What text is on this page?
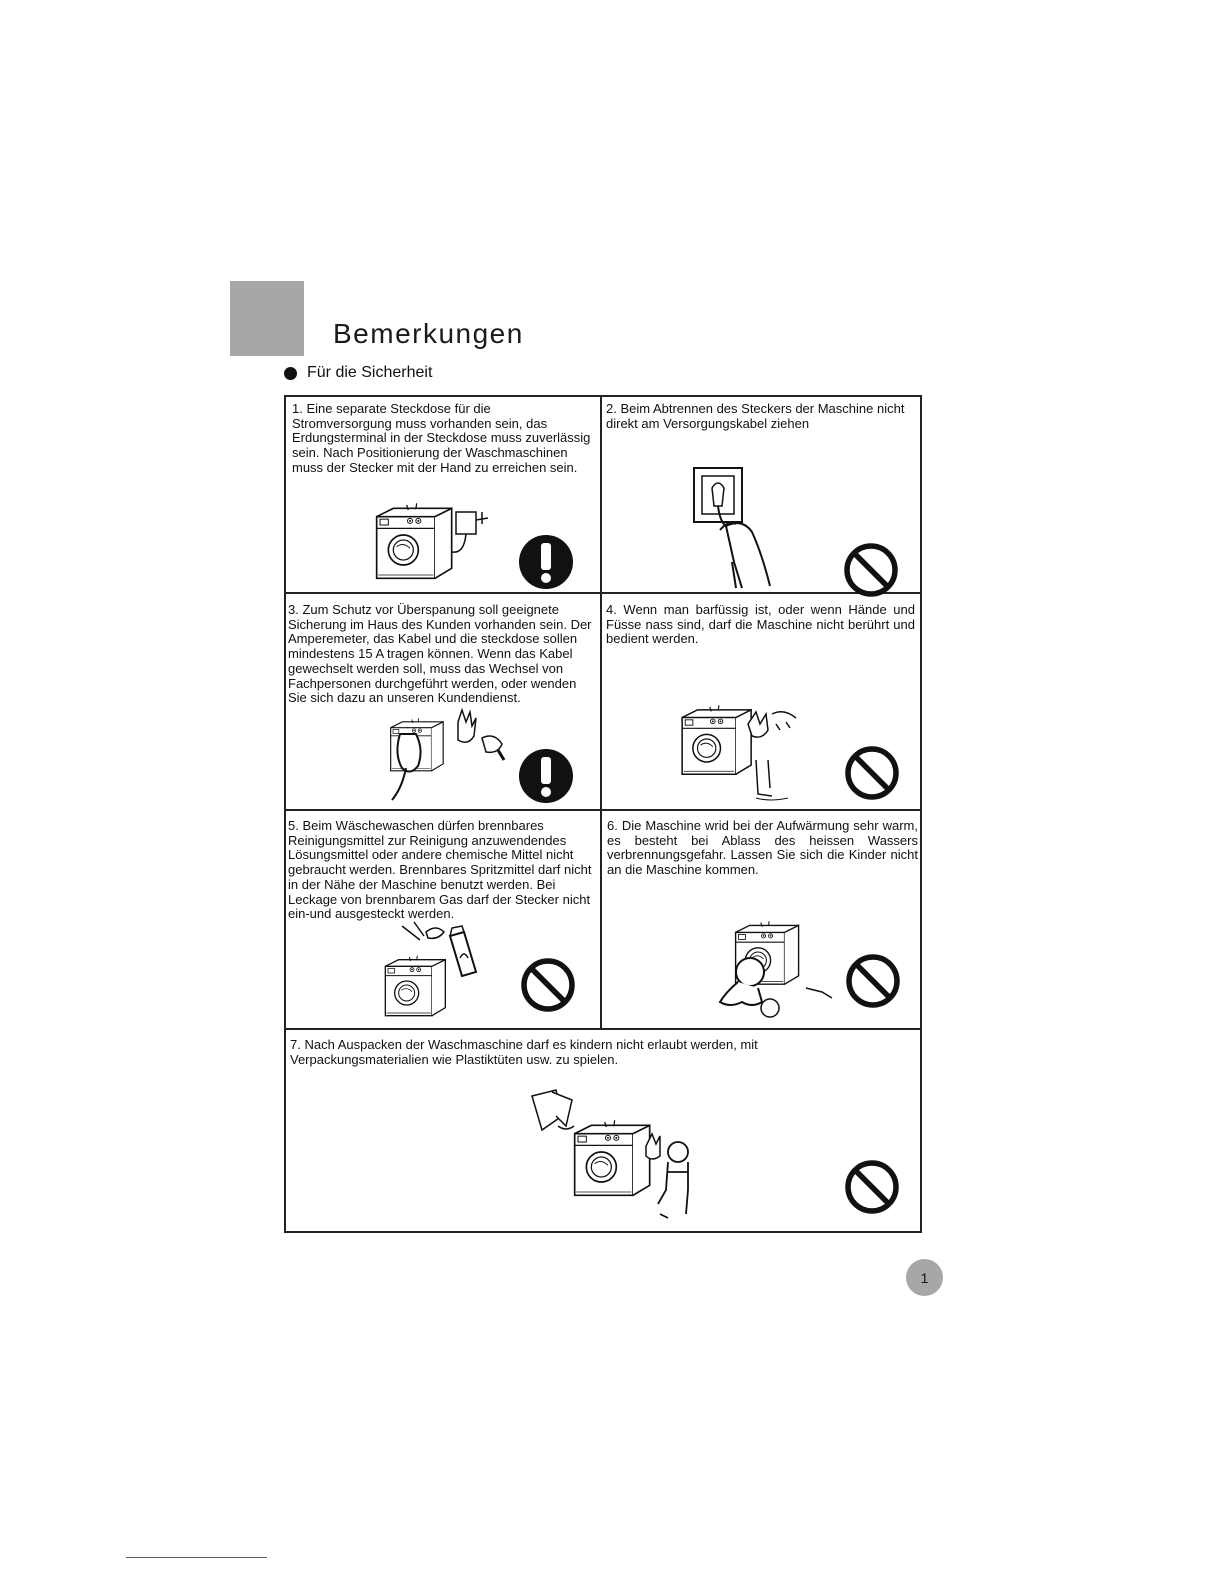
Bemerkungen
Für die Sicherheit
1. Eine separate Steckdose für die Stromversorgung muss vorhanden sein, das Erdungsterminal in der Steckdose muss zuverlässig sein. Nach Positionierung der Waschmaschinen muss der Stecker mit der Hand zu erreichen sein.
2. Beim Abtrennen des Steckers der Maschine nicht direkt am Versorgungskabel ziehen
3. Zum Schutz vor Überspanung soll geeignete Sicherung im Haus des Kunden vorhanden sein. Der Amperemeter, das Kabel und die steckdose sollen mindestens 15 A tragen können. Wenn das Kabel gewechselt werden soll, muss das Wechsel von Fachpersonen durchgeführt werden, oder wenden Sie sich dazu an unseren Kundendienst.
4. Wenn man barfüssig ist, oder wenn Hände und Füsse nass sind, darf die Maschine nicht berührt und bedient werden.
5. Beim Wäschewaschen dürfen brennbares Reinigungsmittel zur Reinigung anzuwendendes Lösungsmittel oder andere chemische Mittel nicht gebraucht werden. Brennbares Spritzmittel darf nicht in der Nähe der Maschine benutzt werden. Bei Leckage von brennbarem Gas darf der Stecker nicht ein-und ausgesteckt werden.
6. Die Maschine wrid bei der Aufwärmung sehr warm, es besteht bei Ablass des heissen Wassers verbrennungsgefahr. Lassen Sie sich die Kinder nicht an die Maschine kommen.
7. Nach Auspacken der Waschmaschine darf es kindern nicht erlaubt werden, mit Verpackungsmaterialien wie Plastiktüten usw. zu spielen.
1
